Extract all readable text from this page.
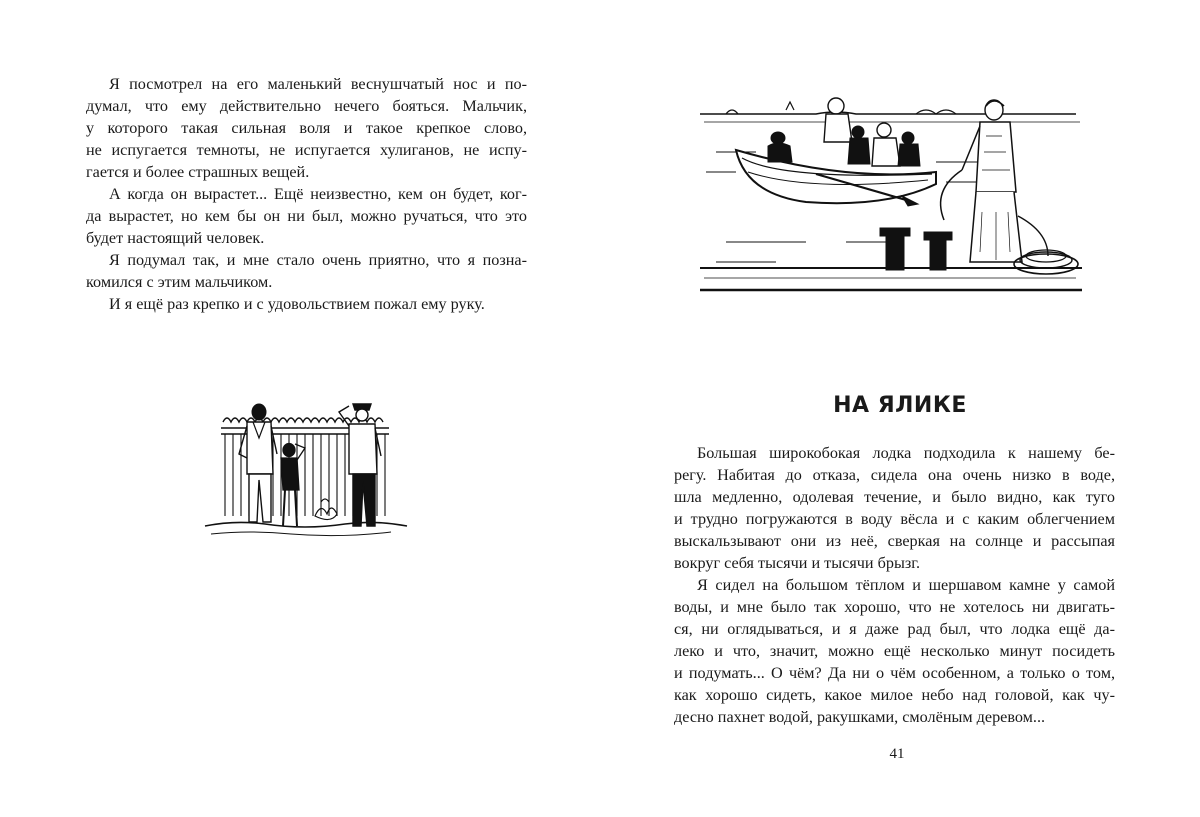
Я посмотрел на его маленький веснушчатый нос и по-
думал, что ему действительно нечего бояться. Мальчик,
у которого такая сильная воля и такое крепкое слово,
не испугается темноты, не испугается хулиганов, не испу-
гается и более страшных вещей.
А когда он вырастет... Ещё неизвестно, кем он будет, ког-
да вырастет, но кем бы он ни был, можно ручаться, что это
будет настоящий человек.
Я подумал так, и мне стало очень приятно, что я позна-
комился с этим мальчиком.
И я ещё раз крепко и с удовольствием пожал ему руку.
НА ЯЛИКЕ
Большая широкобокая лодка подходила к нашему бе-
регу. Набитая до отказа, сидела она очень низко в воде,
шла медленно, одолевая течение, и было видно, как туго
и трудно погружаются в воду вёсла и с каким облегчением
выскальзывают они из неё, сверкая на солнце и рассыпая
вокруг себя тысячи и тысячи брызг.
Я сидел на большом тёплом и шершавом камне у самой
воды, и мне было так хорошо, что не хотелось ни двигать-
ся, ни оглядываться, и я даже рад был, что лодка ещё да-
леко и что, значит, можно ещё несколько минут посидеть
и подумать... О чём? Да ни о чём особенном, а только о том,
как хорошо сидеть, какое милое небо над головой, как чу-
десно пахнет водой, ракушками, смолёным деревом...
41
